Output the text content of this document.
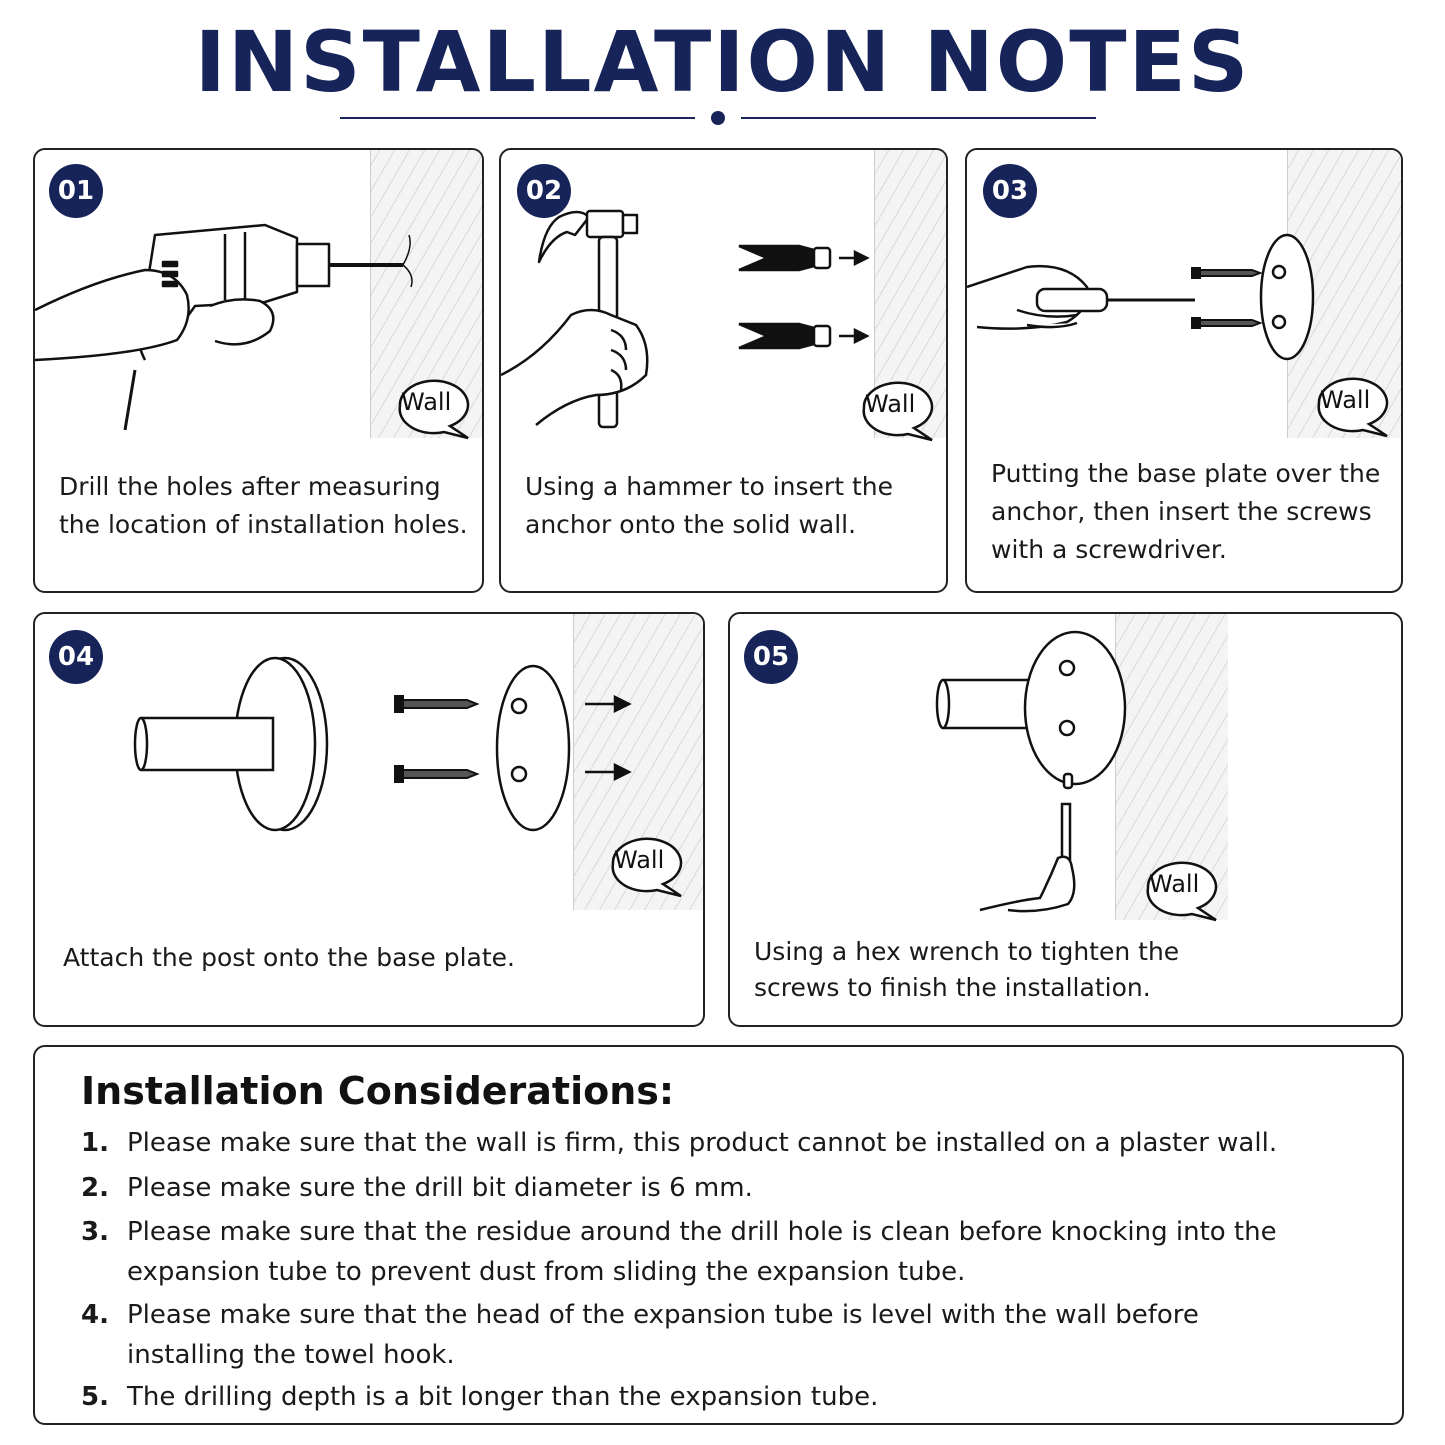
INSTALLATION NOTES
01
Wall
Drill the holes after measuring the location of installation holes.
02
Wall
Using a hammer to insert the anchor onto the solid wall.
03
Wall
Putting the base plate over the anchor, then insert the screws with a screwdriver.
04
Wall
Attach the post onto the base plate.
05
Wall
Using a hex wrench to tighten the screws to finish the installation.
Installation Considerations:
1. Please make sure that the wall is firm, this product cannot be installed on a plaster wall.
2. Please make sure the drill bit diameter is 6 mm.
3. Please make sure that the residue around the drill hole is clean before knocking into the expansion tube to prevent dust from sliding the expansion tube.
4. Please make sure that the head of the expansion tube is level with the wall before installing the towel hook.
5. The drilling depth is a bit longer than the expansion tube.
